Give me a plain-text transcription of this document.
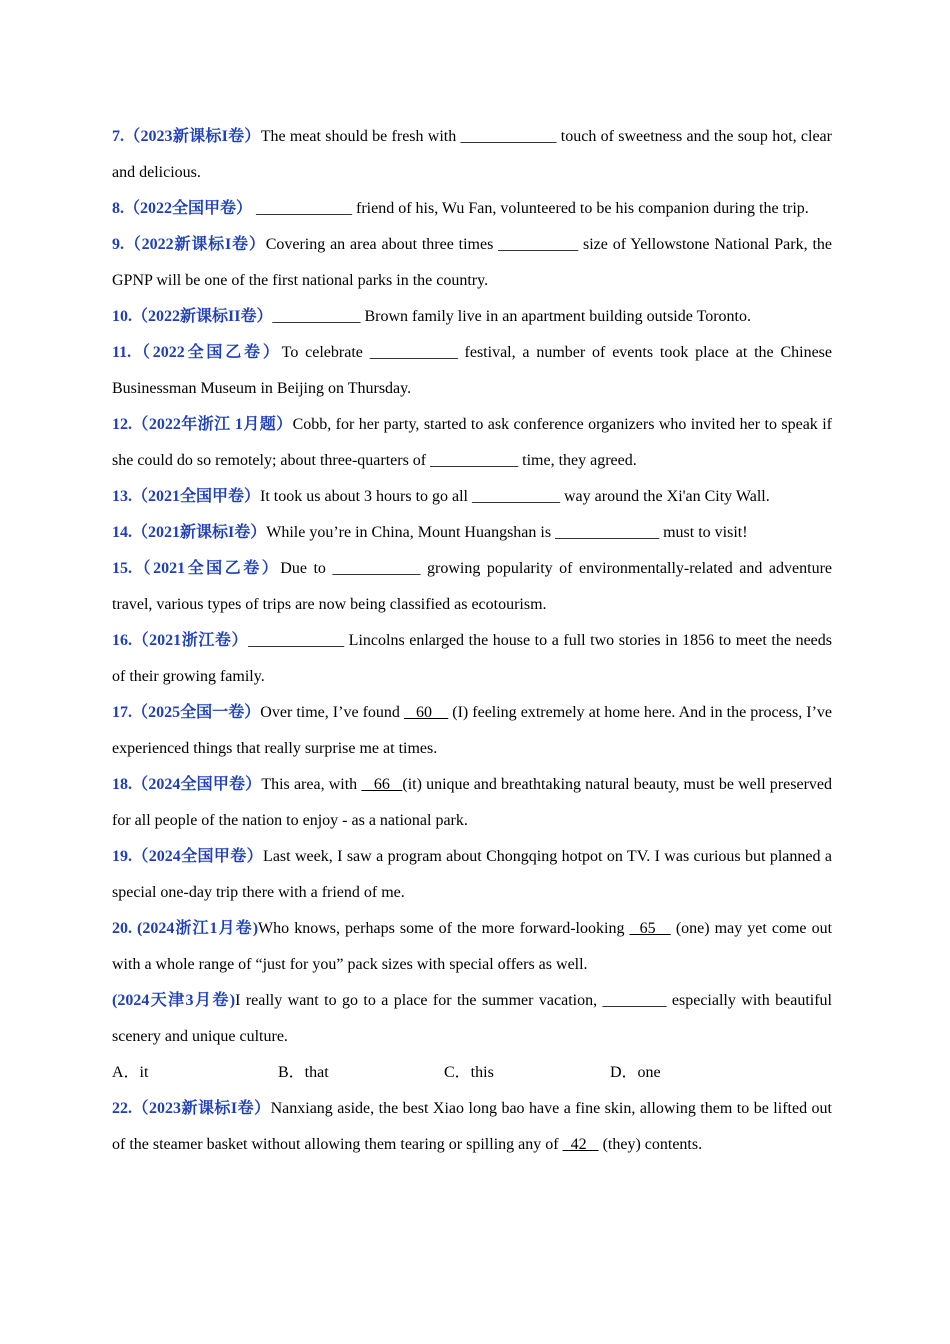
7.（2023新课标I卷）The meat should be fresh with ____________ touch of sweetness and the soup hot, clear and delicious.

8.（2022全国甲卷） ____________ friend of his, Wu Fan, volunteered to be his companion during the trip.

9.（2022新课标I卷）Covering an area about three times __________ size of Yellowstone National Park, the GPNP will be one of the first national parks in the country.

10.（2022新课标II卷）___________ Brown family live in an apartment building outside Toronto.

11.（2022全国乙卷）To celebrate ___________ festival, a number of events took place at the Chinese Businessman Museum in Beijing on Thursday.

12.（2022年浙江 1月题）Cobb, for her party, started to ask conference organizers who invited her to speak if she could do so remotely; about three-quarters of ___________ time, they agreed.

13.（2021全国甲卷）It took us about 3 hours to go all ___________ way around the Xi'an City Wall.

14.（2021新课标I卷）While you’re in China, Mount Huangshan is _____________ must to visit!

15.（2021全国乙卷）Due to ___________ growing popularity of environmentally-related and adventure travel, various types of trips are now being classified as ecotourism.

16.（2021浙江卷）____________ Lincolns enlarged the house to a full two stories in 1856 to meet the needs of their growing family.

17.（2025全国一卷）Over time, I’ve found    60     (I) feeling extremely at home here. And in the process, I’ve experienced things that really surprise me at times.

18.（2024全国甲卷）This area, with    66   (it) unique and breathtaking natural beauty, must be well preserved for all people of the nation to enjoy - as a national park.

19.（2024全国甲卷）Last week, I saw a program about Chongqing hotpot on TV. I was curious but planned a special one-day trip there with a friend of me.

20. (2024浙江1月卷)Who knows, perhaps some of the more forward-looking   65    (one) may yet come out with a whole range of “just for you” pack sizes with special offers as well.

(2024天津3月卷)I really want to go to a place for the summer vacation, ________ especially with beautiful scenery and unique culture.

A．it	B．that	C．this	D．one

22.（2023新课标I卷）Nanxiang aside, the best Xiao long bao have a fine skin, allowing them to be lifted out of the steamer basket without allowing them tearing or spilling any of   42    (they) contents.
